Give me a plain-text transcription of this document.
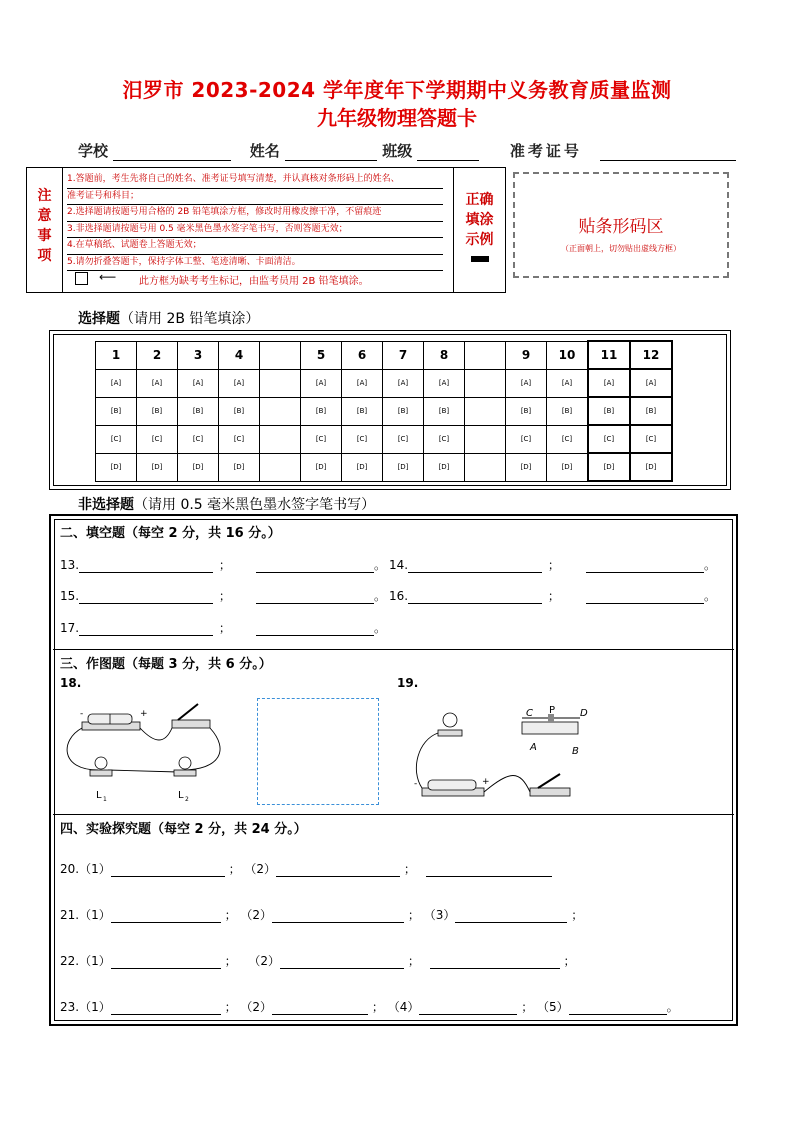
汨罗市 2023-2024 学年度年下学期期中义务教育质量监测
九年级物理答题卡
学校	姓名	班级	准考证号
注
意
事
项
1.答题前，考生先将自己的姓名、准考证号填写清楚，并认真核对条形码上的姓名、
准考证号和科目；
2.选择题请按题号用合格的 2B 铅笔填涂方框，修改时用橡皮擦干净，不留痕迹
3.非选择题请按题号用 0.5 毫米黑色墨水签字笔书写，否则答题无效；
4.在草稿纸、试题卷上答题无效；
5.请勿折叠答题卡，保持字体工整、笔迹清晰、卡面清洁。
⟵ 此方框为缺考考生标记，由监考员用 2B 铅笔填涂。
正确
填涂
示例
贴条形码区
（正面朝上，切勿贴出虚线方框）
选择题（请用 2B 铅笔填涂）
1	2	3	4		5	6	7	8		9	10	11	12
[A]	[A]	[A]	[A]		[A]	[A]	[A]	[A]		[A]	[A]	[A]	[A]
[B]	[B]	[B]	[B]		[B]	[B]	[B]	[B]		[B]	[B]	[B]	[B]
[C]	[C]	[C]	[C]		[C]	[C]	[C]	[C]		[C]	[C]	[C]	[C]
[D]	[D]	[D]	[D]		[D]	[D]	[D]	[D]		[D]	[D]	[D]	[D]
非选择题（请用 0.5 毫米黑色墨水签字笔书写）
二、填空题（每空 2 分，共 16 分。）
13.	；	。 14.	；	。
15.	；	。 16.	；	。
17.	；	。
三、作图题（每题 3 分，共 6 分。）
18.	19.
-	+
L 1	L 2
C P D
A	B
-	+
四、实验探究题（每空 2 分，共 24 分。）
20.（1）	； （2）	；
21.（1）	； （2）	； （3）	；
22.（1）	； （2）	；	；
23.（1）	； （2）	； （4）	； （5）	。
